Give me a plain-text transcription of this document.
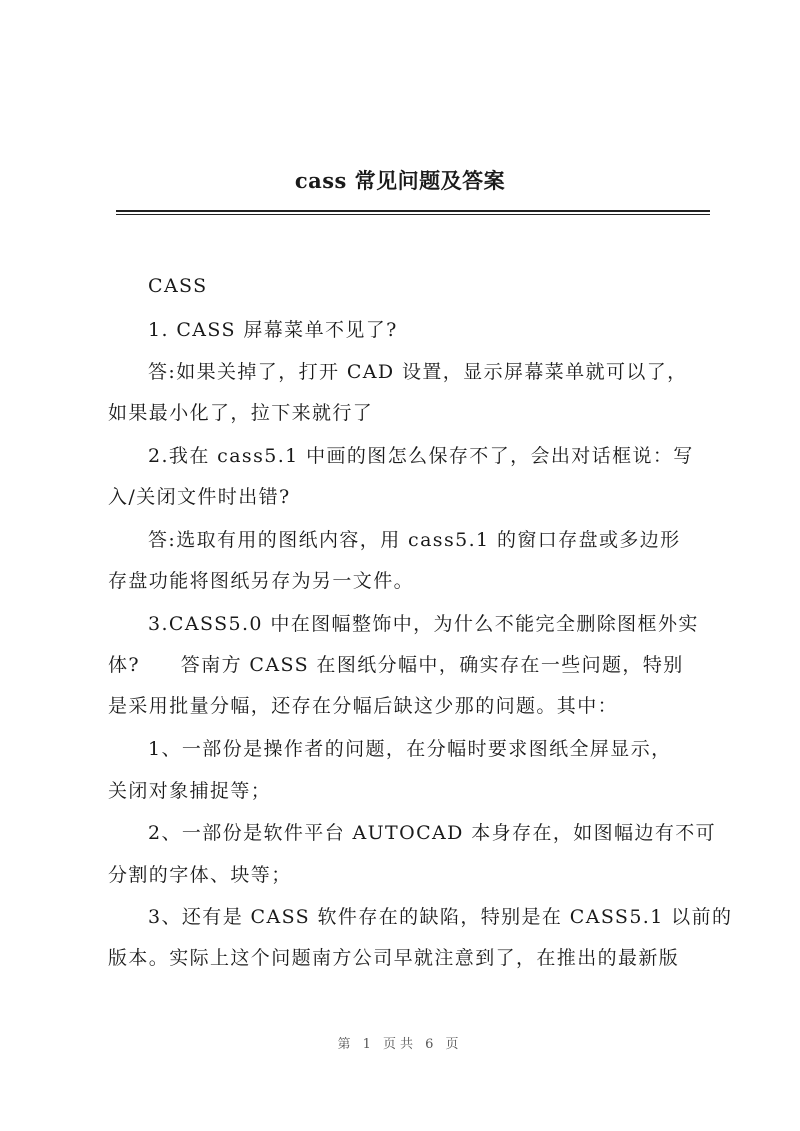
cass 常见问题及答案
CASS
1. CASS 屏幕菜单不见了?
答:如果关掉了，打开 CAD 设置，显示屏幕菜单就可以了，
如果最小化了，拉下来就行了
2.我在 cass5.1 中画的图怎么保存不了，会出对话框说：写
入/关闭文件时出错?
答:选取有用的图纸内容，用 cass5.1 的窗口存盘或多边形
存盘功能将图纸另存为另一文件。
3.CASS5.0 中在图幅整饰中，为什么不能完全删除图框外实
体?　　答南方 CASS 在图纸分幅中，确实存在一些问题，特别
是采用批量分幅，还存在分幅后缺这少那的问题。其中：
1、一部份是操作者的问题，在分幅时要求图纸全屏显示，
关闭对象捕捉等；
2、一部份是软件平台 AUTOCAD 本身存在，如图幅边有不可
分割的字体、块等；
3、还有是 CASS 软件存在的缺陷，特别是在 CASS5.1 以前的
版本。实际上这个问题南方公司早就注意到了，在推出的最新版
第 1 页共 6 页
